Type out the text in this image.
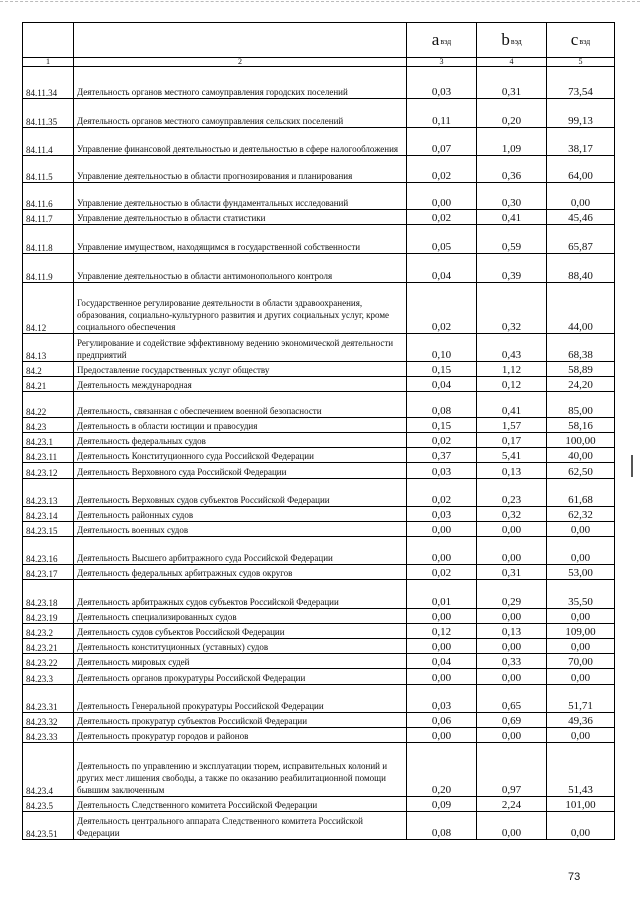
		$a_{вэд}$	$b_{вэд}$	$c_{вэд}$
1	2	3	4	5
84.11.34	Деятельность органов местного самоуправления городских поселений	0,03	0,31	73,54
84.11.35	Деятельность органов местного самоуправления сельских поселений	0,11	0,20	99,13
84.11.4	Управление финансовой деятельностью и деятельностью в сфере налогообложения	0,07	1,09	38,17
84.11.5	Управление деятельностью в области прогнозирования и планирования	0,02	0,36	64,00
84.11.6	Управление деятельностью в области фундаментальных исследований	0,00	0,30	0,00
84.11.7	Управление деятельностью в области статистики	0,02	0,41	45,46
84.11.8	Управление имуществом, находящимся в государственной собственности	0,05	0,59	65,87
84.11.9	Управление деятельностью в области антимонопольного контроля	0,04	0,39	88,40
84.12	Государственное регулирование деятельности в области здравоохранения, образования, социально-культурного развития и других социальных услуг, кроме социального обеспечения	0,02	0,32	44,00
84.13	Регулирование и содействие эффективному ведению экономической деятельности предприятий	0,10	0,43	68,38
84.2	Предоставление государственных услуг обществу	0,15	1,12	58,89
84.21	Деятельность международная	0,04	0,12	24,20
84.22	Деятельность, связанная с обеспечением военной безопасности	0,08	0,41	85,00
84.23	Деятельность в области юстиции и правосудия	0,15	1,57	58,16
84.23.1	Деятельность федеральных судов	0,02	0,17	100,00
84.23.11	Деятельность Конституционного суда Российской Федерации	0,37	5,41	40,00
84.23.12	Деятельность Верховного суда Российской Федерации	0,03	0,13	62,50
84.23.13	Деятельность Верховных судов субъектов Российской Федерации	0,02	0,23	61,68
84.23.14	Деятельность районных судов	0,03	0,32	62,32
84.23.15	Деятельность военных судов	0,00	0,00	0,00
84.23.16	Деятельность Высшего арбитражного суда Российской Федерации	0,00	0,00	0,00
84.23.17	Деятельность федеральных арбитражных судов округов	0,02	0,31	53,00
84.23.18	Деятельность арбитражных судов субъектов Российской Федерации	0,01	0,29	35,50
84.23.19	Деятельность специализированных судов	0,00	0,00	0,00
84.23.2	Деятельность судов субъектов Российской Федерации	0,12	0,13	109,00
84.23.21	Деятельность конституционных (уставных) судов	0,00	0,00	0,00
84.23.22	Деятельность мировых судей	0,04	0,33	70,00
84.23.3	Деятельность органов прокуратуры Российской Федерации	0,00	0,00	0,00
84.23.31	Деятельность Генеральной прокуратуры Российской Федерации	0,03	0,65	51,71
84.23.32	Деятельность прокуратур субъектов Российской Федерации	0,06	0,69	49,36
84.23.33	Деятельность прокуратур городов и районов	0,00	0,00	0,00
84.23.4	Деятельность по управлению и эксплуатации тюрем, исправительных колоний и других мест лишения свободы, а также по оказанию реабилитационной помощи бывшим заключенным	0,20	0,97	51,43
84.23.5	Деятельность Следственного комитета Российской Федерации	0,09	2,24	101,00
84.23.51	Деятельность центрального аппарата Следственного комитета Российской Федерации	0,08	0,00	0,00
73
